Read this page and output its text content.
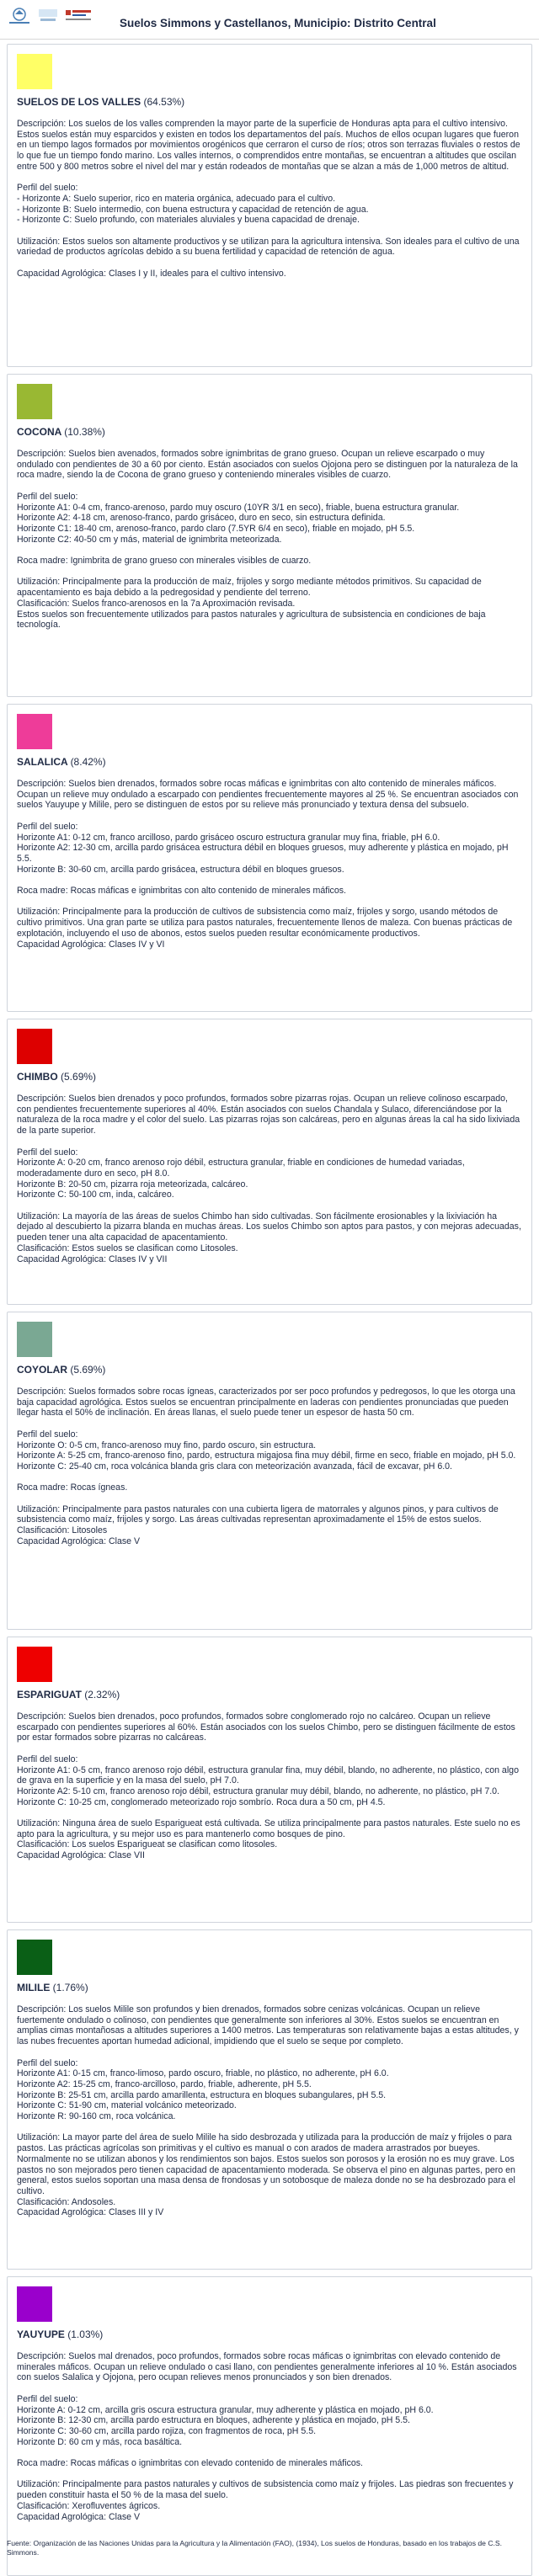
Suelos Simmons y Castellanos, Municipio: Distrito Central
SUELOS DE LOS VALLES (64.53%)

Descripción: Los suelos de los valles comprenden la mayor parte de la superficie de Honduras apta para el cultivo intensivo. Estos suelos están muy esparcidos y existen en todos los departamentos del país. Muchos de ellos ocupan lugares que fueron en un tiempo lagos formados por movimientos orogénicos que cerraron el curso de ríos; otros son terrazas fluviales o restos de lo que fue un tiempo fondo marino. Los valles internos, o comprendidos entre montañas, se encuentran a altitudes que oscilan entre 500 y 800 metros sobre el nivel del mar y están rodeados de montañas que se alzan a más de 1,000 metros de altitud.

Perfil del suelo:
- Horizonte A: Suelo superior, rico en materia orgánica, adecuado para el cultivo.
- Horizonte B: Suelo intermedio, con buena estructura y capacidad de retención de agua.
- Horizonte C: Suelo profundo, con materiales aluviales y buena capacidad de drenaje.

Utilización: Estos suelos son altamente productivos y se utilizan para la agricultura intensiva. Son ideales para el cultivo de una variedad de productos agrícolas debido a su buena fertilidad y capacidad de retención de agua.

Capacidad Agrológica: Clases I y II, ideales para el cultivo intensivo.

COCONA (10.38%)

Descripción: Suelos bien avenados, formados sobre ignimbritas de grano grueso. Ocupan un relieve escarpado o muy ondulado con pendientes de 30 a 60 por ciento. Están asociados con suelos Ojojona pero se distinguen por la naturaleza de la roca madre, siendo la de Cocona de grano grueso y conteniendo minerales visibles de cuarzo.

Perfil del suelo:
Horizonte A1: 0-4 cm, franco-arenoso, pardo muy oscuro (10YR 3/1 en seco), friable, buena estructura granular.
Horizonte A2: 4-18 cm, arenoso-franco, pardo grisáceo, duro en seco, sin estructura definida.
Horizonte C1: 18-40 cm, arenoso-franco, pardo claro (7.5YR 6/4 en seco), friable en mojado, pH 5.5.
Horizonte C2: 40-50 cm y más, material de ignimbrita meteorizada.

Roca madre: Ignimbrita de grano grueso con minerales visibles de cuarzo.

Utilización: Principalmente para la producción de maíz, frijoles y sorgo mediante métodos primitivos. Su capacidad de apacentamiento es baja debido a la pedregosidad y pendiente del terreno.
Clasificación: Suelos franco-arenosos en la 7a Aproximación revisada.
Estos suelos son frecuentemente utilizados para pastos naturales y agricultura de subsistencia en condiciones de baja tecnología.

SALALICA (8.42%)

Descripción: Suelos bien drenados, formados sobre rocas máficas e ignimbritas con alto contenido de minerales máficos. Ocupan un relieve muy ondulado a escarpado con pendientes frecuentemente mayores al 25 %. Se encuentran asociados con suelos Yauyupe y Milile, pero se distinguen de estos por su relieve más pronunciado y textura densa del subsuelo.

Perfil del suelo:
Horizonte A1: 0-12 cm, franco arcilloso, pardo grisáceo oscuro estructura granular muy fina, friable, pH 6.0.
Horizonte A2: 12-30 cm, arcilla pardo grisácea estructura débil en bloques gruesos, muy adherente y plástica en mojado, pH 5.5.
Horizonte B: 30-60 cm, arcilla pardo grisácea, estructura débil en bloques gruesos.

Roca madre: Rocas máficas e ignimbritas con alto contenido de minerales máficos.

Utilización: Principalmente para la producción de cultivos de subsistencia como maíz, frijoles y sorgo, usando métodos de cultivo primitivos. Una gran parte se utiliza para pastos naturales, frecuentemente llenos de maleza. Con buenas prácticas de explotación, incluyendo el uso de abonos, estos suelos pueden resultar económicamente productivos.
Capacidad Agrológica: Clases IV y VI

CHIMBO (5.69%)

Descripción: Suelos bien drenados y poco profundos, formados sobre pizarras rojas. Ocupan un relieve colinoso escarpado, con pendientes frecuentemente superiores al 40%. Están asociados con suelos Chandala y Sulaco, diferenciándose por la naturaleza de la roca madre y el color del suelo. Las pizarras rojas son calcáreas, pero en algunas áreas la cal ha sido lixiviada de la parte superior.

Perfil del suelo:
Horizonte A: 0-20 cm, franco arenoso rojo débil, estructura granular, friable en condiciones de humedad variadas, moderadamente duro en seco, pH 8.0.
Horizonte B: 20-50 cm, pizarra roja meteorizada, calcáreo.
Horizonte C: 50-100 cm, inda, calcáreo.

Utilización: La mayoría de las áreas de suelos Chimbo han sido cultivadas. Son fácilmente erosionables y la lixiviación ha dejado al descubierto la pizarra blanda en muchas áreas. Los suelos Chimbo son aptos para pastos, y con mejoras adecuadas, pueden tener una alta capacidad de apacentamiento.
Clasificación: Estos suelos se clasifican como Litosoles.
Capacidad Agrológica: Clases IV y VII

COYOLAR (5.69%)

Descripción: Suelos formados sobre rocas ígneas, caracterizados por ser poco profundos y pedregosos, lo que les otorga una baja capacidad agrológica. Estos suelos se encuentran principalmente en laderas con pendientes pronunciadas que pueden llegar hasta el 50% de inclinación. En áreas llanas, el suelo puede tener un espesor de hasta 50 cm.

Perfil del suelo:
Horizonte O: 0-5 cm, franco-arenoso muy fino, pardo oscuro, sin estructura.
Horizonte A: 5-25 cm, franco-arenoso fino, pardo, estructura migajosa fina muy débil, firme en seco, friable en mojado, pH 5.0.
Horizonte C: 25-40 cm, roca volcánica blanda gris clara con meteorización avanzada, fácil de excavar, pH 6.0.

Roca madre: Rocas ígneas.

Utilización: Principalmente para pastos naturales con una cubierta ligera de matorrales y algunos pinos, y para cultivos de subsistencia como maíz, frijoles y sorgo. Las áreas cultivadas representan aproximadamente el 15% de estos suelos.
Clasificación: Litosoles
Capacidad Agrológica: Clase V

ESPARIGUAT (2.32%)

Descripción: Suelos bien drenados, poco profundos, formados sobre conglomerado rojo no calcáreo. Ocupan un relieve escarpado con pendientes superiores al 60%. Están asociados con los suelos Chimbo, pero se distinguen fácilmente de estos por estar formados sobre pizarras no calcáreas.

Perfil del suelo:
Horizonte A1: 0-5 cm, franco arenoso rojo débil, estructura granular fina, muy débil, blando, no adherente, no plástico, con algo de grava en la superficie y en la masa del suelo, pH 7.0.
Horizonte A2: 5-10 cm, franco arenoso rojo débil, estructura granular muy débil, blando, no adherente, no plástico, pH 7.0.
Horizonte C: 10-25 cm, conglomerado meteorizado rojo sombrío. Roca dura a 50 cm, pH 4.5.

Utilización: Ninguna área de suelo Esparigueat está cultivada. Se utiliza principalmente para pastos naturales. Este suelo no es apto para la agricultura, y su mejor uso es para mantenerlo como bosques de pino.
Clasificación: Los suelos Esparigueat se clasifican como litosoles.
Capacidad Agrológica: Clase VII

MILILE (1.76%)

Descripción: Los suelos Milile son profundos y bien drenados, formados sobre cenizas volcánicas. Ocupan un relieve fuertemente ondulado o colinoso, con pendientes que generalmente son inferiores al 30%. Estos suelos se encuentran en amplias cimas montañosas a altitudes superiores a 1400 metros. Las temperaturas son relativamente bajas a estas altitudes, y las nubes frecuentes aportan humedad adicional, impidiendo que el suelo se seque por completo.

Perfil del suelo:
Horizonte A1: 0-15 cm, franco-limoso, pardo oscuro, friable, no plástico, no adherente, pH 6.0.
Horizonte A2: 15-25 cm, franco-arcilloso, pardo, friable, adherente, pH 5.5.
Horizonte B: 25-51 cm, arcilla pardo amarillenta, estructura en bloques subangulares, pH 5.5.
Horizonte C: 51-90 cm, material volcánico meteorizado.
Horizonte R: 90-160 cm, roca volcánica.

Utilización: La mayor parte del área de suelo Milile ha sido desbrozada y utilizada para la producción de maíz y frijoles o para pastos. Las prácticas agrícolas son primitivas y el cultivo es manual o con arados de madera arrastrados por bueyes. Normalmente no se utilizan abonos y los rendimientos son bajos. Estos suelos son porosos y la erosión no es muy grave. Los pastos no son mejorados pero tienen capacidad de apacentamiento moderada. Se observa el pino en algunas partes, pero en general, estos suelos soportan una masa densa de frondosas y un sotobosque de maleza donde no se ha desbrozado para el cultivo.
Clasificación: Andosoles.
Capacidad Agrológica: Clases III y IV

YAUYUPE (1.03%)

Descripción: Suelos mal drenados, poco profundos, formados sobre rocas máficas o ignimbritas con elevado contenido de minerales máficos. Ocupan un relieve ondulado o casi llano, con pendientes generalmente inferiores al 10 %. Están asociados con suelos Salalica y Ojojona, pero ocupan relieves menos pronunciados y son bien drenados.

Perfil del suelo:
Horizonte A: 0-12 cm, arcilla gris oscura estructura granular, muy adherente y plástica en mojado, pH 6.0.
Horizonte B: 12-30 cm, arcilla pardo estructura en bloques, adherente y plástica en mojado, pH 5.5.
Horizonte C: 30-60 cm, arcilla pardo rojiza, con fragmentos de roca, pH 5.5.
Horizonte D: 60 cm y más, roca basáltica.

Roca madre: Rocas máficas o ignimbritas con elevado contenido de minerales máficos.

Utilización: Principalmente para pastos naturales y cultivos de subsistencia como maíz y frijoles. Las piedras son frecuentes y pueden constituir hasta el 50 % de la masa del suelo.
Clasificación: Xerofluventes ágricos.
Capacidad Agrológica: Clase V

Fuente: Organización de las Naciones Unidas para la Agricultura y la Alimentación (FAO), (1934), Los suelos de Honduras, basado en los trabajos de C.S. Simmons.
